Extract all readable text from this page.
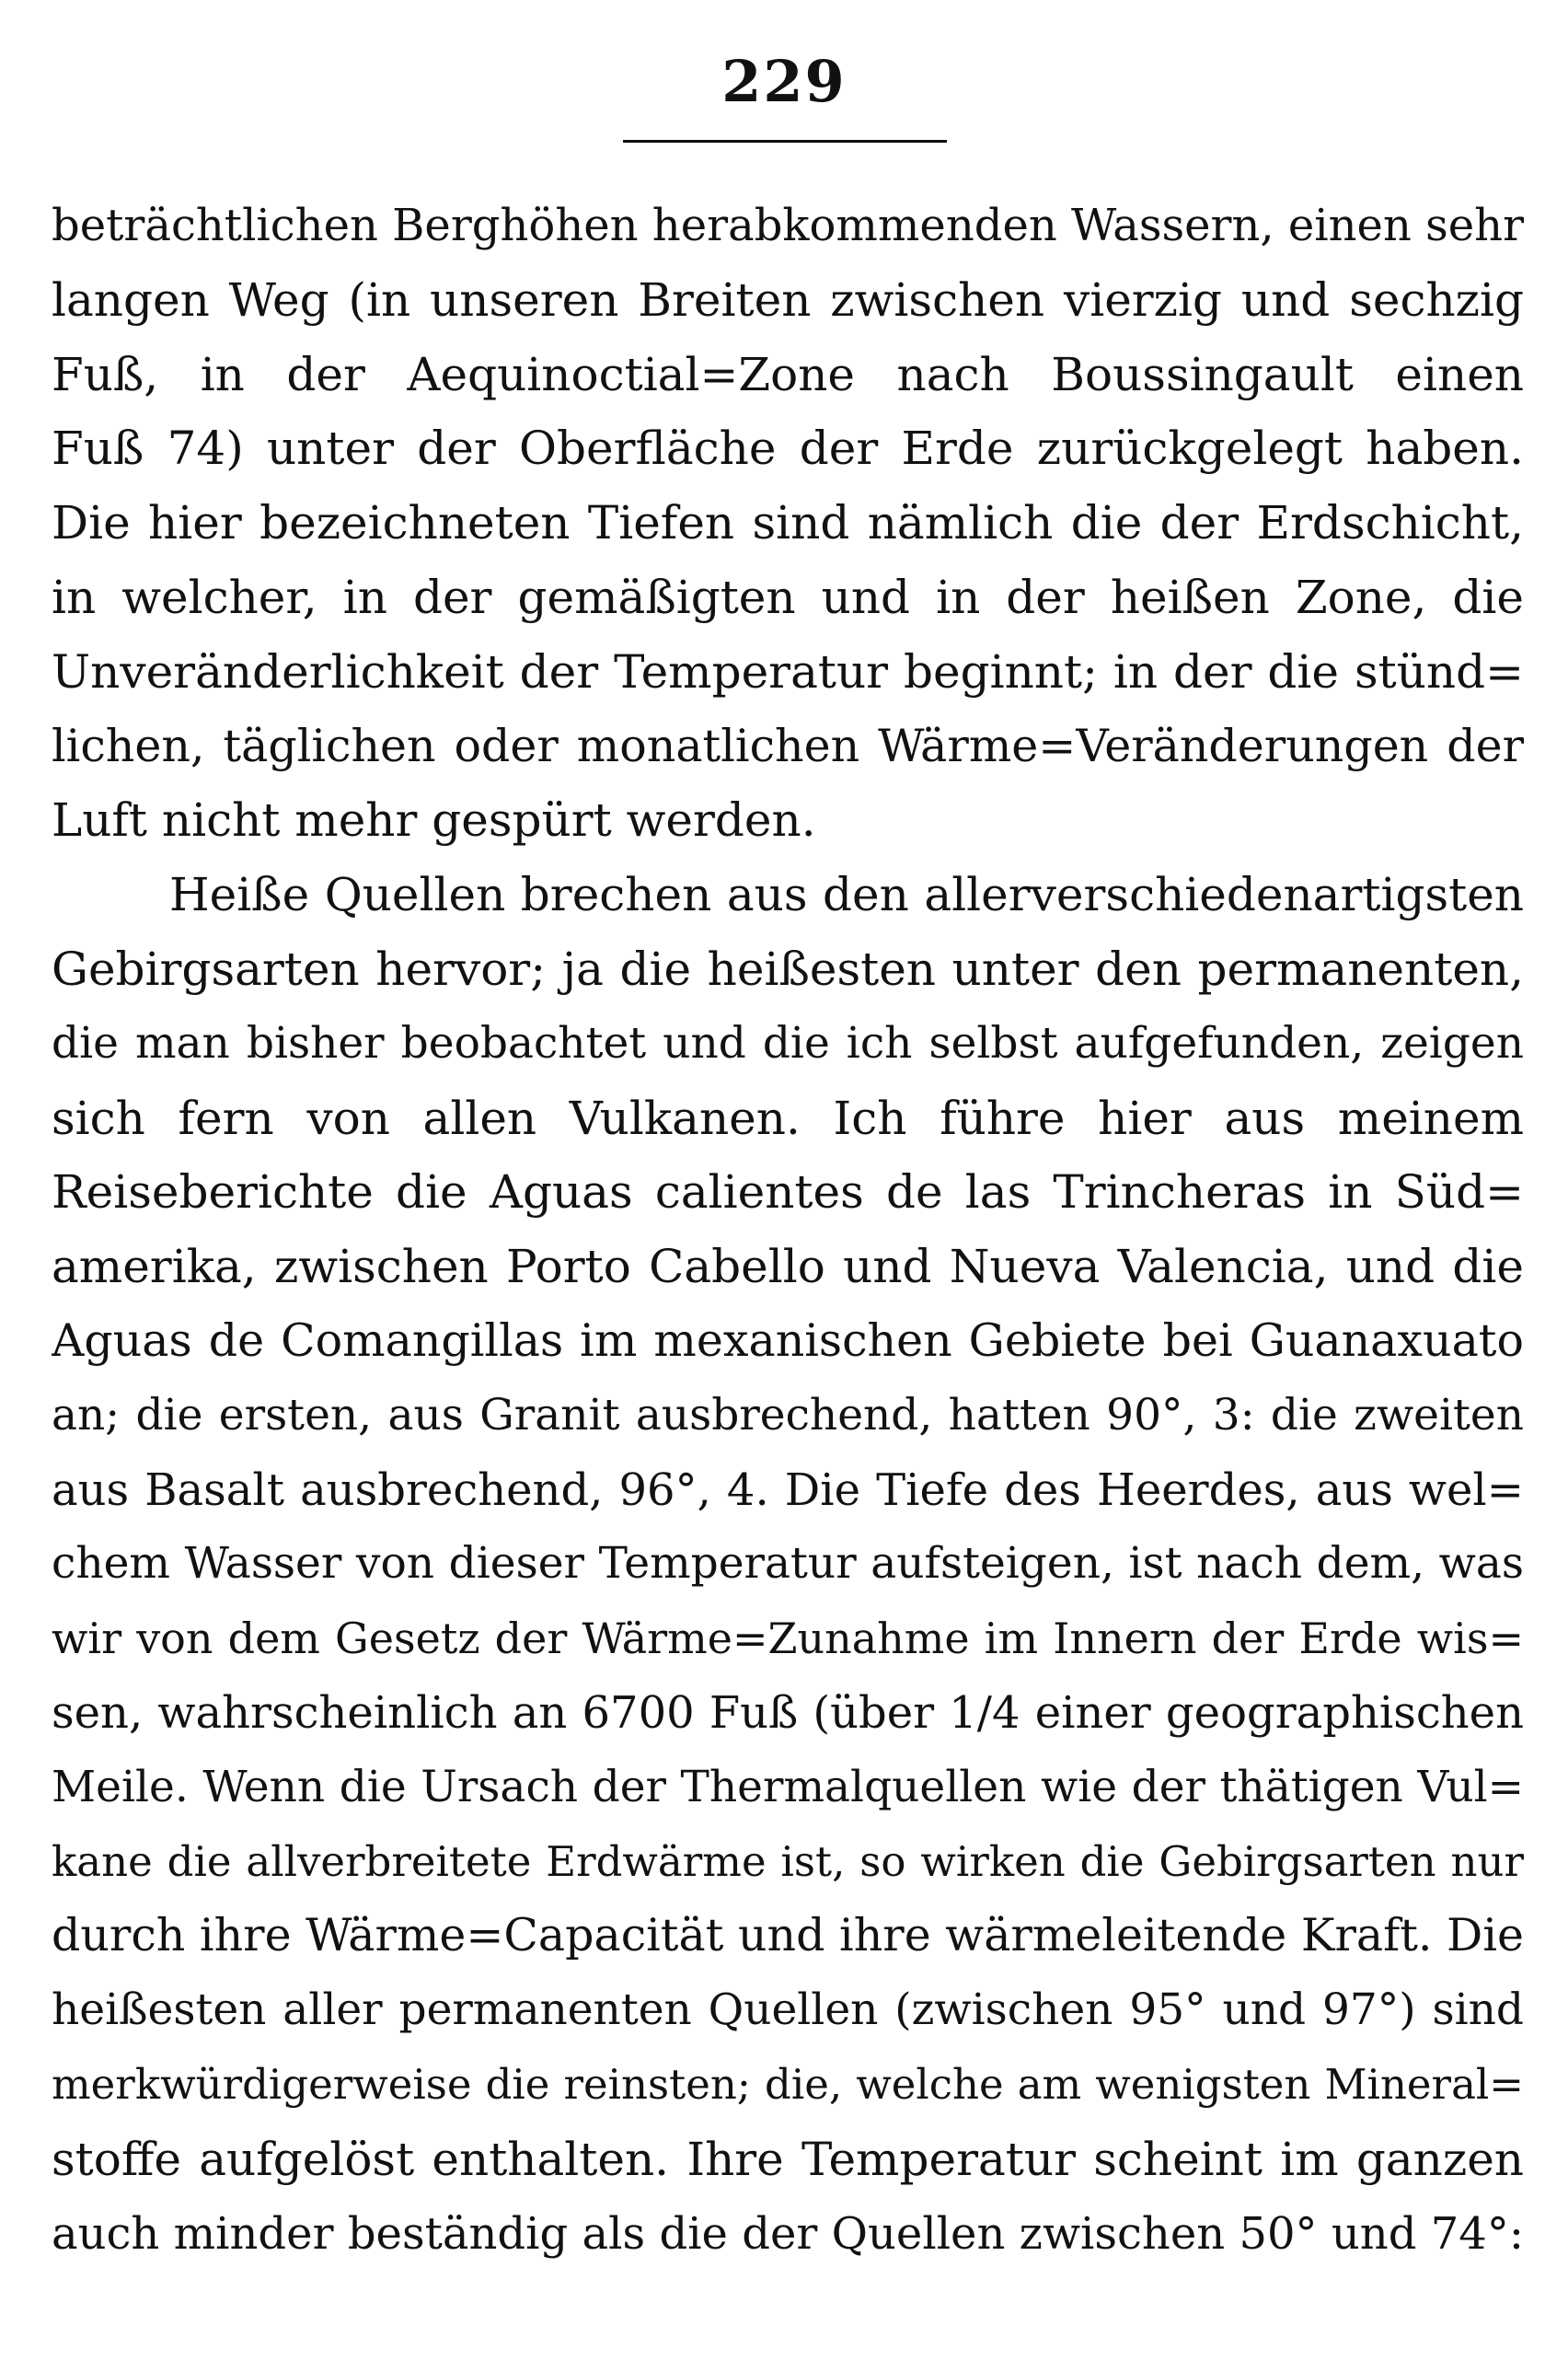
229
beträchtlichen Berghöhen herabkommenden Wassern, einen sehr
langen Weg (in unseren Breiten zwischen vierzig und sechzig
Fuß, in der Aequinoctial=Zone nach Boussingault einen
Fuß 74) unter der Oberfläche der Erde zurückgelegt haben.
Die hier bezeichneten Tiefen sind nämlich die der Erdschicht,
in welcher, in der gemäßigten und in der heißen Zone, die
Unveränderlichkeit der Temperatur beginnt; in der die stünd=
lichen, täglichen oder monatlichen Wärme=Veränderungen der
Luft nicht mehr gespürt werden.
Heiße Quellen brechen aus den allerverschiedenartigsten
Gebirgsarten hervor; ja die heißesten unter den permanenten,
die man bisher beobachtet und die ich selbst aufgefunden, zeigen
sich fern von allen Vulkanen. Ich führe hier aus meinem
Reiseberichte die Aguas calientes de las Trincheras in Süd=
amerika, zwischen Porto Cabello und Nueva Valencia, und die
Aguas de Comangillas im mexanischen Gebiete bei Guanaxuato
an; die ersten, aus Granit ausbrechend, hatten 90°, 3: die zweiten
aus Basalt ausbrechend, 96°, 4. Die Tiefe des Heerdes, aus wel=
chem Wasser von dieser Temperatur aufsteigen, ist nach dem, was
wir von dem Gesetz der Wärme=Zunahme im Innern der Erde wis=
sen, wahrscheinlich an 6700 Fuß (über 1/4 einer geographischen
Meile. Wenn die Ursach der Thermalquellen wie der thätigen Vul=
kane die allverbreitete Erdwärme ist, so wirken die Gebirgsarten nur
durch ihre Wärme=Capacität und ihre wärmeleitende Kraft. Die
heißesten aller permanenten Quellen (zwischen 95° und 97°) sind
merkwürdigerweise die reinsten; die, welche am wenigsten Mineral=
stoffe aufgelöst enthalten. Ihre Temperatur scheint im ganzen
auch minder beständig als die der Quellen zwischen 50° und 74°:
